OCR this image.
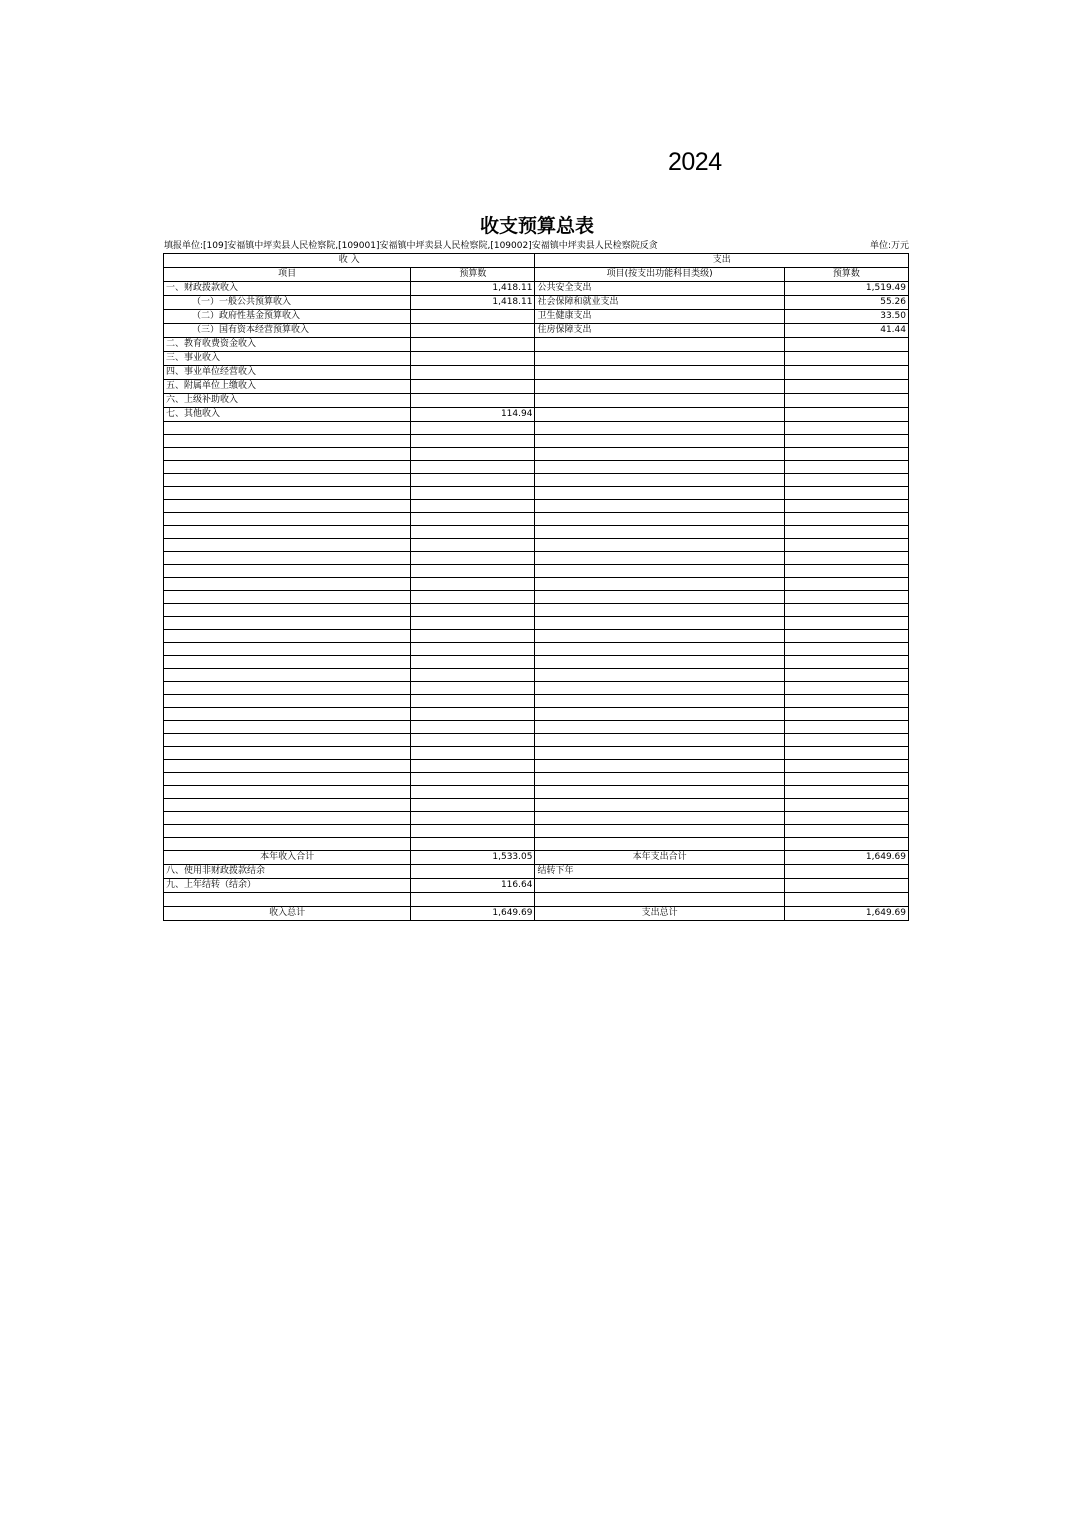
2024
收支预算总表
填报单位:[109]安福镇中坪卖县人民检察院,[109001]安福镇中坪卖县人民检察院,[109002]安福镇中坪卖县人民检察院反贪	单位:万元
收 入		支出	
项目	预算数	项目(按支出功能科目类级)	预算数
一、财政拨款收入	1,418.11	公共安全支出	1,519.49
（一）一般公共预算收入	1,418.11	社会保障和就业支出	55.26
（二）政府性基金预算收入		卫生健康支出	33.50
（三）国有资本经营预算收入		住房保障支出	41.44
二、教育收费资金收入			
三、事业收入			
四、事业单位经营收入			
五、附属单位上缴收入			
六、上级补助收入			
七、其他收入	114.94		

本年收入合计	1,533.05	本年支出合计	1,649.69
八、使用非财政拨款结余		结转下年	
九、上年结转（结余）	116.64		

收入总计	1,649.69	支出总计	1,649.69
